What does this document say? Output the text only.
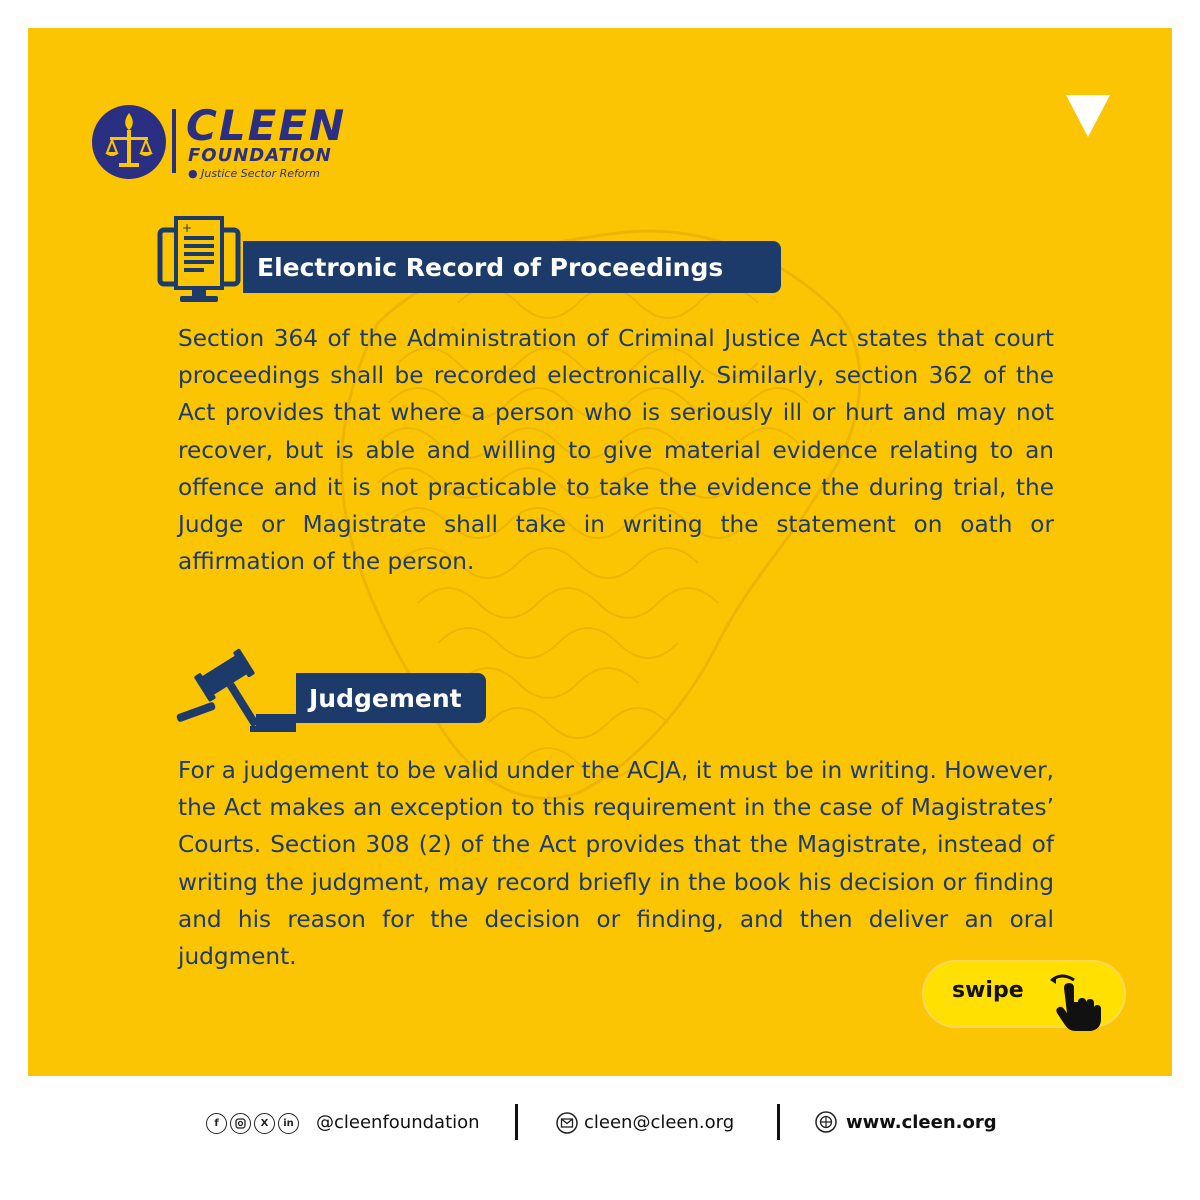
CLEEN
FOUNDATION
● Justice Sector Reform
+
Electronic Record of Proceedings

Section 364 of the Administration of Criminal Justice Act states that court proceedings shall be recorded electronically. Similarly, section 362 of the Act provides that where a person who is seriously ill or hurt and may not recover, but is able and willing to give material evidence relating to an offence and it is not practicable to take the evidence the during trial, the Judge or Magistrate shall take in writing the statement on oath or affirmation of the person.

Judgement

For a judgement to be valid under the ACJA, it must be in writing. However, the Act makes an exception to this requirement in the case of Magistrates’ Courts. Section 308 (2) of the Act provides that the Magistrate, instead of writing the judgment, may record briefly in the book his decision or finding and his reason for the decision or finding, and then deliver an oral judgment.

swipe
f	X	in @cleenfoundation	cleen@cleen.org	www.cleen.org
